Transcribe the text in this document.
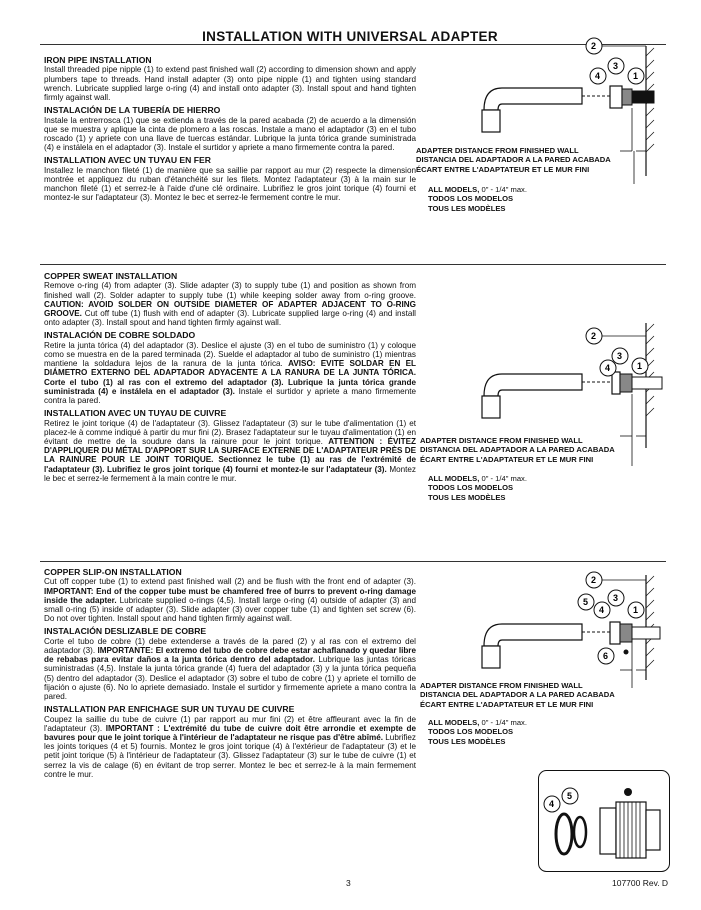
INSTALLATION WITH UNIVERSAL ADAPTER
IRON PIPE INSTALLATION

Install threaded pipe nipple (1) to extend past finished wall (2) according to dimension shown and apply plumbers tape to threads. Hand install adapter (3) onto pipe nipple (1) and tighten using standard wrench. Lubricate supplied large o-ring (4) and install onto adapter (3). Install spout and hand tighten firmly against wall.

INSTALACIÓN DE LA TUBERÍA DE HIERRO

Instale la entrerrosca (1) que se extienda a través de la pared acabada (2) de acuerdo a la dimensión que se muestra y aplique la cinta de plomero a las roscas. Instale a mano el adaptador (3) en el tubo roscado (1) y apriete con una llave de tuercas estándar. Lubrique la junta tórica grande suministrada (4) e instálela en el adaptador (3). Instale el surtidor y apriete a mano firmemente contra la pared.

INSTALLATION AVEC UN TUYAU EN FER

Installez le manchon fileté (1) de manière que sa saillie par rapport au mur (2) respecte la dimension montrée et appliquez du ruban d'étanchéité sur les filets. Montez l'adaptateur (3) à la main sur le manchon fileté (1) et serrez-le à l'aide d'une clé ordinaire. Lubrifiez le gros joint torique (4) fourni et montez-le sur l'adaptateur (3). Montez le bec et serrez-le fermement contre le mur.

COPPER SWEAT INSTALLATION

Remove o-ring (4) from adapter (3). Slide adapter (3) to supply tube (1) and position as shown from finished wall (2). Solder adapter to supply tube (1) while keeping solder away from o-ring groove. CAUTION: AVOID SOLDER ON OUTSIDE DIAMETER OF ADAPTER ADJACENT TO O-RING GROOVE. Cut off tube (1) flush with end of adapter (3). Lubricate supplied large o-ring (4) and install onto adapter (3). Install spout and hand tighten firmly against wall.

INSTALACIÓN DE COBRE SOLDADO

Retire la junta tórica (4) del adaptador (3). Deslice el ajuste (3) en el tubo de suministro (1) y coloque como se muestra en de la pared terminada (2). Suelde el adaptador al tubo de suministro (1) mientras mantiene la soldadura lejos de la ranura de la junta tórica. AVISO: EVITE SOLDAR EN EL DIÁMETRO EXTERNO DEL ADAPTADOR ADYACENTE A LA RANURA DE LA JUNTA TÓRICA. Corte el tubo (1) al ras con el extremo del adaptador (3). Lubrique la junta tórica grande suministrada (4) e instálela en el adaptador (3). Instale el surtidor y apriete a mano firmemente contra la pared.

INSTALLATION AVEC UN TUYAU DE CUIVRE

Retirez le joint torique (4) de l'adaptateur (3). Glissez l'adaptateur (3) sur le tube d'alimentation (1) et placez-le à comme indiqué à partir du mur fini (2). Brasez l'adaptateur sur le tuyau d'alimentation (1) en évitant de mettre de la soudure dans la rainure pour le joint torique. ATTENTION : ÉVITEZ D'APPLIQUER DU MÉTAL D'APPORT SUR LA SURFACE EXTERNE DE L'ADAPTATEUR PRÈS DE LA RAINURE POUR LE JOINT TORIQUE. Sectionnez le tube (1) au ras de l'extrémité de l'adaptateur (3). Lubrifiez le gros joint torique (4) fourni et montez-le sur l'adaptateur (3). Montez le bec et serrez-le fermement à la main contre le mur.

COPPER SLIP-ON INSTALLATION

Cut off copper tube (1) to extend past finished wall (2) and be flush with the front end of adapter (3). IMPORTANT: End of the copper tube must be chamfered free of burrs to prevent o-ring damage inside the adapter. Lubricate supplied o-rings (4,5). Install large o-ring (4) outside of adapter (3) and small o-ring (5) inside of adapter (3). Slide adapter (3) over copper tube (1) and tighten set screw (6). Do not over tighten. Install spout and hand tighten firmly against wall.

INSTALACIÓN DESLIZABLE DE COBRE

Corte el tubo de cobre (1) debe extenderse a través de la pared (2) y al ras con el extremo del adaptador (3). IMPORTANTE: El extremo del tubo de cobre debe estar achaflanado y quedar libre de rebabas para evitar daños a la junta tórica dentro del adaptador. Lubrique las juntas tóricas suministradas (4,5). Instale la junta tórica grande (4) fuera del adaptador (3) y la junta tórica pequeña (5) dentro del adaptador (3). Deslice el adaptador (3) sobre el tubo de cobre (1) y apriete el tornillo de fijación o ajuste (6). No lo apriete demasiado. Instale el surtidor y firmemente apriete a mano contra la pared.

INSTALLATION PAR ENFICHAGE SUR UN TUYAU DE CUIVRE

Coupez la saillie du tube de cuivre (1) par rapport au mur fini (2) et être affleurant avec la fin de l'adaptateur (3). IMPORTANT : L'extrémité du tube de cuivre doit être arrondie et exempte de bavures pour que le joint torique à l'intérieur de l'adaptateur ne risque pas d'être abîmé. Lubrifiez les joints toriques (4 et 5) fournis. Montez le gros joint torique (4) à l'extérieur de l'adaptateur (3) et le petit joint torique (5) à l'intérieur de l'adaptateur (3). Glissez l'adaptateur (3) sur le tube de cuivre (1) et serrez la vis de calage (6) en évitant de trop serrer. Montez le bec et serrez-le à la main fermement contre le mur.

2
4
3
1
ADAPTER DISTANCE FROM FINISHED WALL
DISTANCIA DEL ADAPTADOR A LA PARED ACABADA
ÉCART ENTRE L'ADAPTATEUR ET LE MUR FINI
ALL MODELS, 0" - 1/4" max.
TODOS LOS MODELOS
TOUS LES MODÈLES
2
3
4	1
ADAPTER DISTANCE FROM FINISHED WALL
DISTANCIA DEL ADAPTADOR A LA PARED ACABADA
ÉCART ENTRE L'ADAPTATEUR ET LE MUR FINI
ALL MODELS, 0" - 1/4" max.
TODOS LOS MODELOS
TOUS LES MODÈLES
2
5
4
3
1
6
ADAPTER DISTANCE FROM FINISHED WALL
DISTANCIA DEL ADAPTADOR A LA PARED ACABADA
ÉCART ENTRE L'ADAPTATEUR ET LE MUR FINI
ALL MODELS, 0" - 1/4" max.
TODOS LOS MODELOS
TOUS LES MODÈLES
4
5
3	107700 Rev. D
